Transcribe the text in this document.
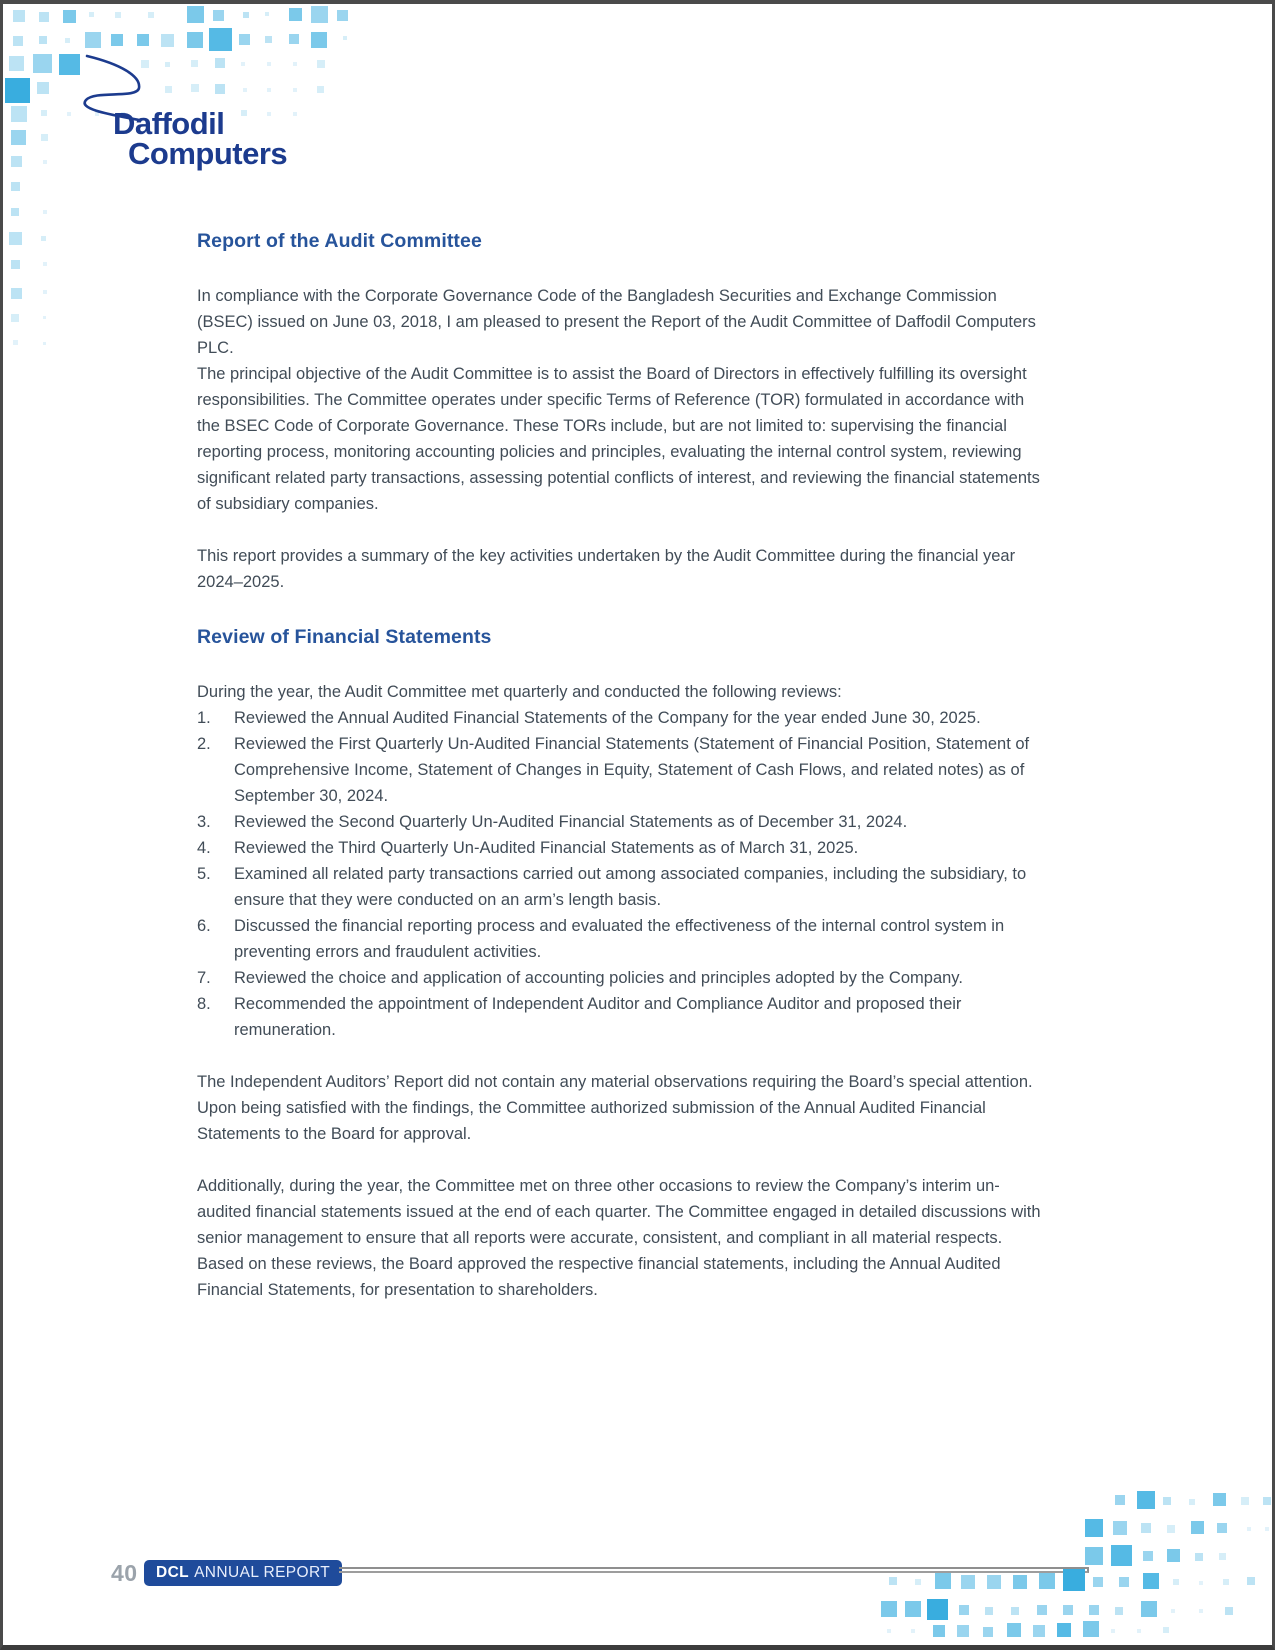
Daffodil
Computers
Report of the Audit Committee

In compliance with the Corporate Governance Code of the Bangladesh Securities and Exchange Commission (BSEC) issued on June 03, 2018, I am pleased to present the Report of the Audit Committee of Daffodil Computers PLC.

The principal objective of the Audit Committee is to assist the Board of Directors in effectively fulfilling its oversight responsibilities. The Committee operates under specific Terms of Reference (TOR) formulated in accordance with the BSEC Code of Corporate Governance. These TORs include, but are not limited to: supervising the financial reporting process, monitoring accounting policies and principles, evaluating the internal control system, reviewing significant related party transactions, assessing potential conflicts of interest, and reviewing the financial statements of subsidiary companies.

This report provides a summary of the key activities undertaken by the Audit Committee during the financial year 2024–2025.

Review of Financial Statements

During the year, the Audit Committee met quarterly and conducted the following reviews:

1.	Reviewed the Annual Audited Financial Statements of the Company for the year ended June 30, 2025.
2.	Reviewed the First Quarterly Un-Audited Financial Statements (Statement of Financial Position, Statement of Comprehensive Income, Statement of Changes in Equity, Statement of Cash Flows, and related notes) as of September 30, 2024.
3.	Reviewed the Second Quarterly Un-Audited Financial Statements as of December 31, 2024.
4.	Reviewed the Third Quarterly Un-Audited Financial Statements as of March 31, 2025.
5.	Examined all related party transactions carried out among associated companies, including the subsidiary, to ensure that they were conducted on an arm’s length basis.
6.	Discussed the financial reporting process and evaluated the effectiveness of the internal control system in preventing errors and fraudulent activities.
7.	Reviewed the choice and application of accounting policies and principles adopted by the Company.
8.	Recommended the appointment of Independent Auditor and Compliance Auditor and proposed their remuneration.

The Independent Auditors’ Report did not contain any material observations requiring the Board’s special attention. Upon being satisfied with the findings, the Committee authorized submission of the Annual Audited Financial Statements to the Board for approval.

Additionally, during the year, the Committee met on three other occasions to review the Company’s interim un-audited financial statements issued at the end of each quarter. The Committee engaged in detailed discussions with senior management to ensure that all reports were accurate, consistent, and compliant in all material respects. Based on these reviews, the Board approved the respective financial statements, including the Annual Audited Financial Statements, for presentation to shareholders.

40	DCL ANNUAL REPORT
